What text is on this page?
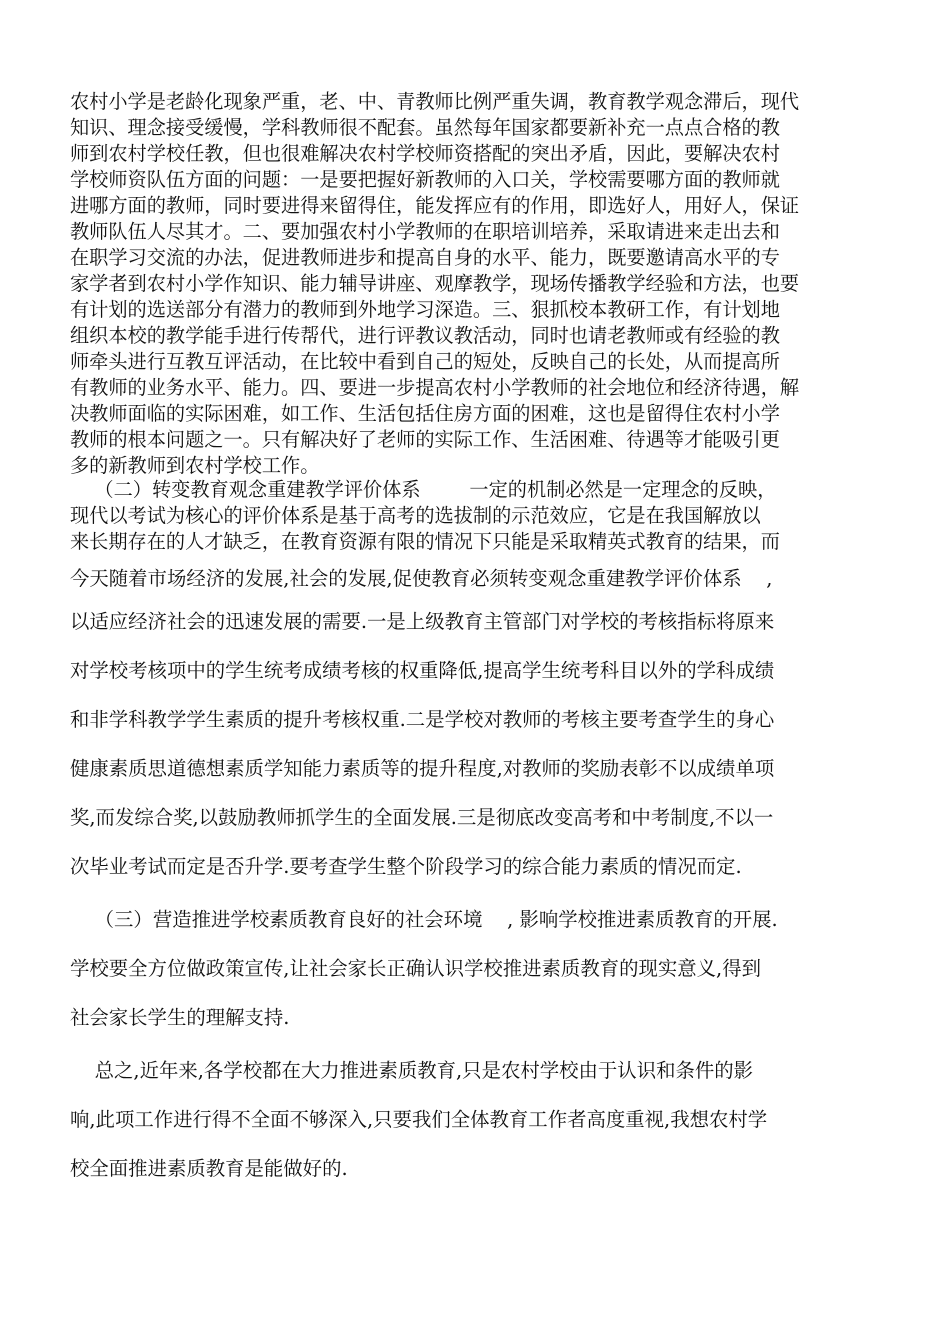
农村小学是老龄化现象严重，老、中、青教师比例严重失调，教育教学观念滞后，现代
知识、理念接受缓慢，学科教师很不配套。虽然每年国家都要新补充一点点合格的教
师到农村学校任教，但也很难解决农村学校师资搭配的突出矛盾，因此，要解决农村
学校师资队伍方面的问题：一是要把握好新教师的入口关，学校需要哪方面的教师就
进哪方面的教师，同时要进得来留得住，能发挥应有的作用，即选好人，用好人，保证
教师队伍人尽其才。二、要加强农村小学教师的在职培训培养，采取请进来走出去和
在职学习交流的办法，促进教师进步和提高自身的水平、能力，既要邀请高水平的专
家学者到农村小学作知识、能力辅导讲座、观摩教学，现场传播教学经验和方法，也要
有计划的选送部分有潜力的教师到外地学习深造。三、狠抓校本教研工作，有计划地
组织本校的教学能手进行传帮代，进行评教议教活动，同时也请老教师或有经验的教
师牵头进行互教互评活动，在比较中看到自己的短处，反映自己的长处，从而提高所
有教师的业务水平、能力。四、要进一步提高农村小学教师的社会地位和经济待遇，解
决教师面临的实际困难，如工作、生活包括住房方面的困难，这也是留得住农村小学
教师的根本问题之一。只有解决好了老师的实际工作、生活困难、待遇等才能吸引更
多的新教师到农村学校工作。
（二）转变教育观念重建教学评价体系        一定的机制必然是一定理念的反映，
现代以考试为核心的评价体系是基于高考的选拔制的示范效应，它是在我国解放以
来长期存在的人才缺乏，在教育资源有限的情况下只能是采取精英式教育的结果，而
今天随着市场经济的发展,社会的发展,促使教育必须转变观念重建教学评价体系    ,
以适应经济社会的迅速发展的需要.一是上级教育主管部门对学校的考核指标将原来
对学校考核项中的学生统考成绩考核的权重降低,提高学生统考科目以外的学科成绩
和非学科教学学生素质的提升考核权重.二是学校对教师的考核主要考查学生的身心
健康素质思道德想素质学知能力素质等的提升程度,对教师的奖励表彰不以成绩单项
奖,而发综合奖,以鼓励教师抓学生的全面发展.三是彻底改变高考和中考制度,不以一
次毕业考试而定是否升学.要考查学生整个阶段学习的综合能力素质的情况而定.
（三）营造推进学校素质教育良好的社会环境    , 影响学校推进素质教育的开展.
学校要全方位做政策宣传,让社会家长正确认识学校推进素质教育的现实意义,得到
社会家长学生的理解支持.
总之,近年来,各学校都在大力推进素质教育,只是农村学校由于认识和条件的影
响,此项工作进行得不全面不够深入,只要我们全体教育工作者高度重视,我想农村学
校全面推进素质教育是能做好的.
